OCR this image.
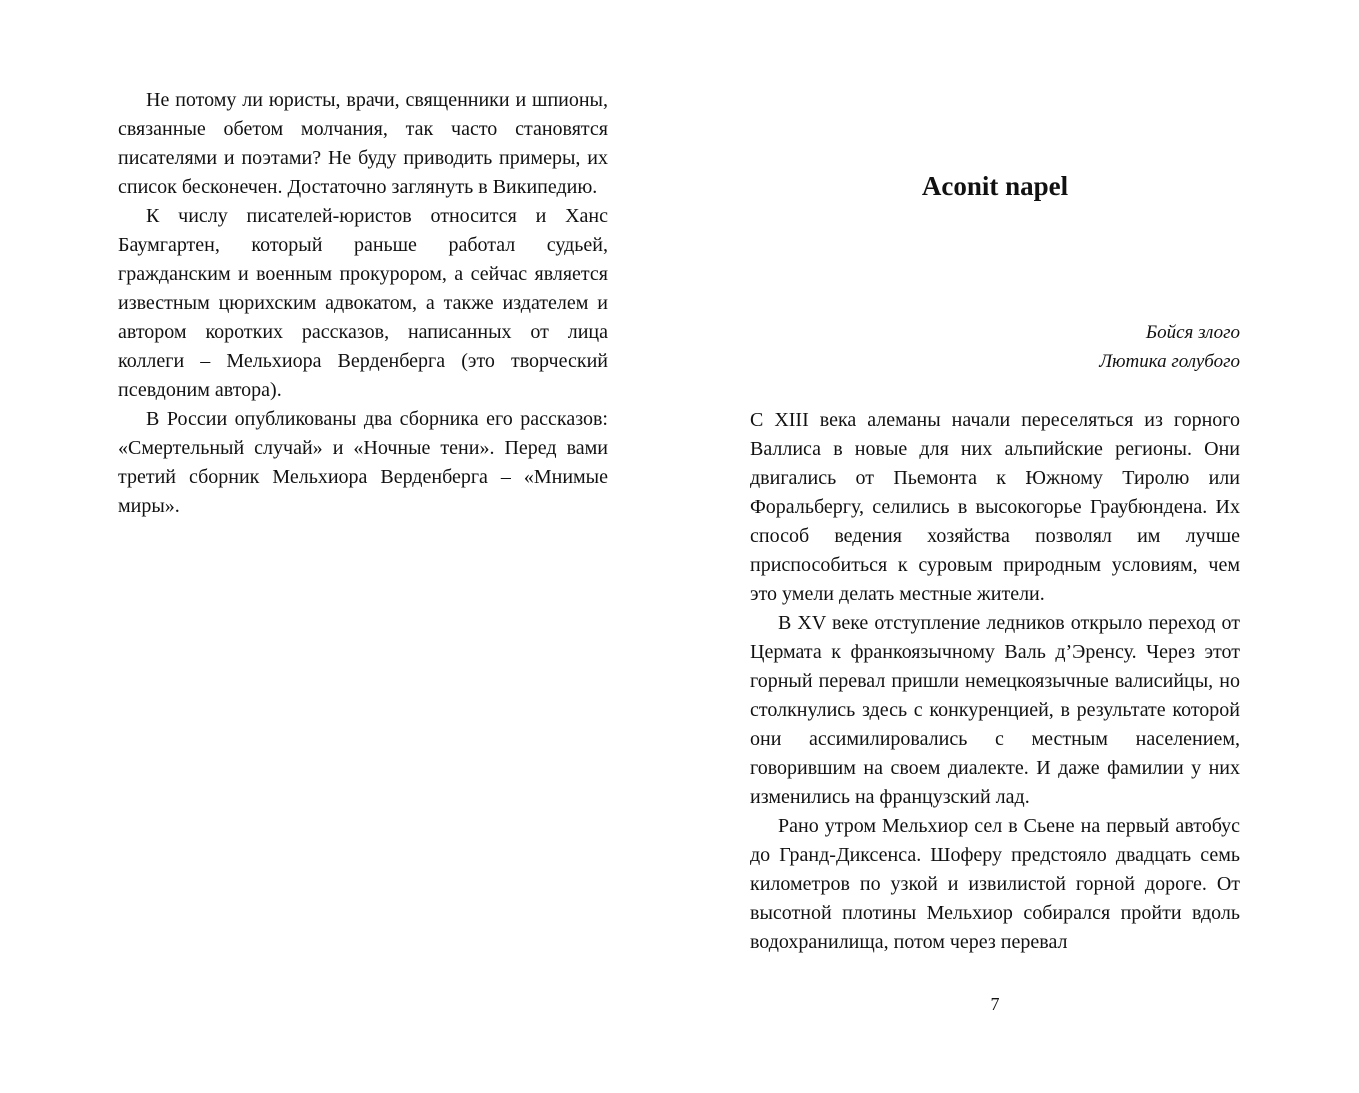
Не потому ли юристы, врачи, священники и шпионы, связанные обетом молчания, так часто становятся писателями и поэтами? Не буду приводить примеры, их список бесконечен. Достаточно заглянуть в Википедию.

К числу писателей-юристов относится и Ханс Баумгартен, который раньше работал судьей, гражданским и военным прокурором, а сейчас является известным цюрихским адвокатом, а также издателем и автором коротких рассказов, написанных от лица коллеги – Мельхиора Верденберга (это творческий псевдоним автора).

В России опубликованы два сборника его рассказов: «Смертельный случай» и «Ночные тени». Перед вами третий сборник Мельхиора Верденберга – «Мнимые миры».

Aconit napel
Бойся злого
Лютика голубого

С XIII века алеманы начали переселяться из горного Валлиса в новые для них альпийские регионы. Они двигались от Пьемонта к Южному Тиролю или Форальбергу, селились в высокогорье Граубюндена. Их способ ведения хозяйства позволял им лучше приспособиться к суровым природным условиям, чем это умели делать местные жители.

В XV веке отступление ледников открыло переход от Цермата к франкоязычному Валь д’Эренсу. Через этот горный перевал пришли немецкоязычные валисийцы, но столкнулись здесь с конкуренцией, в результате которой они ассимилировались с местным населением, говорившим на своем диалекте. И даже фамилии у них изменились на французский лад.

Рано утром Мельхиор сел в Сьене на первый автобус до Гранд-Диксенса. Шоферу предстояло двадцать семь километров по узкой и извилистой горной дороге. От высотной плотины Мельхиор собирался пройти вдоль водохранилища, потом через перевал

7
